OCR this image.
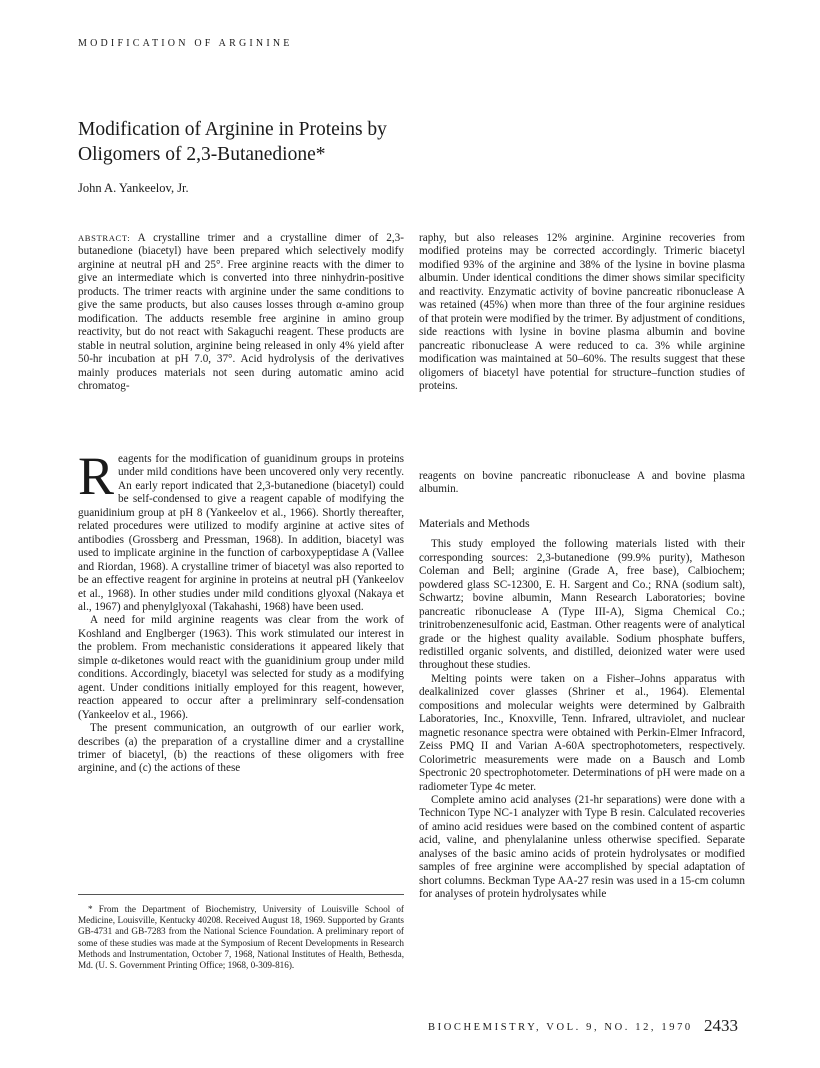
MODIFICATION OF ARGININE
Modification of Arginine in Proteins by
Oligomers of 2,3-Butanedione*
John A. Yankeelov, Jr.

ABSTRACT: A crystalline trimer and a crystalline dimer of 2,3-butanedione (biacetyl) have been prepared which selectively modify arginine at neutral pH and 25°. Free arginine reacts with the dimer to give an intermediate which is converted into three ninhydrin-positive products. The trimer reacts with arginine under the same conditions to give the same products, but also causes losses through α-amino group modification. The adducts resemble free arginine in amino group reactivity, but do not react with Sakaguchi reagent. These products are stable in neutral solution, arginine being released in only 4% yield after 50-hr incubation at pH 7.0, 37°. Acid hydrolysis of the derivatives mainly produces materials not seen during automatic amino acid chromatog-

raphy, but also releases 12% arginine. Arginine recoveries from modified proteins may be corrected accordingly. Trimeric biacetyl modified 93% of the arginine and 38% of the lysine in bovine plasma albumin. Under identical conditions the dimer shows similar specificity and reactivity. Enzymatic activity of bovine pancreatic ribonuclease A was retained (45%) when more than three of the four arginine residues of that protein were modified by the trimer. By adjustment of conditions, side reactions with lysine in bovine plasma albumin and bovine pancreatic ribonuclease A were reduced to ca. 3% while arginine modification was maintained at 50–60%. The results suggest that these oligomers of biacetyl have potential for structure–function studies of proteins.

Reagents for the modification of guanidinum groups in proteins under mild conditions have been uncovered only very recently. An early report indicated that 2,3-butanedione (biacetyl) could be self-condensed to give a reagent capable of modifying the guanidinium group at pH 8 (Yankeelov et al., 1966). Shortly thereafter, related procedures were utilized to modify arginine at active sites of antibodies (Grossberg and Pressman, 1968). In addition, biacetyl was used to implicate arginine in the function of carboxypeptidase A (Vallee and Riordan, 1968). A crystalline trimer of biacetyl was also reported to be an effective reagent for arginine in proteins at neutral pH (Yankeelov et al., 1968). In other studies under mild conditions glyoxal (Nakaya et al., 1967) and phenylglyoxal (Takahashi, 1968) have been used.

A need for mild arginine reagents was clear from the work of Koshland and Englberger (1963). This work stimulated our interest in the problem. From mechanistic considerations it appeared likely that simple α-diketones would react with the guanidinium group under mild conditions. Accordingly, biacetyl was selected for study as a modifying agent. Under conditions initially employed for this reagent, however, reaction appeared to occur after a preliminrary self-condensation (Yankeelov et al., 1966).

The present communication, an outgrowth of our earlier work, describes (a) the preparation of a crystalline dimer and a crystalline trimer of biacetyl, (b) the reactions of these oligomers with free arginine, and (c) the actions of these

reagents on bovine pancreatic ribonuclease A and bovine plasma albumin.

Materials and Methods

This study employed the following materials listed with their corresponding sources: 2,3-butanedione (99.9% purity), Matheson Coleman and Bell; arginine (Grade A, free base), Calbiochem; powdered glass SC-12300, E. H. Sargent and Co.; RNA (sodium salt), Schwartz; bovine albumin, Mann Research Laboratories; bovine pancreatic ribonuclease A (Type III-A), Sigma Chemical Co.; trinitrobenzenesulfonic acid, Eastman. Other reagents were of analytical grade or the highest quality available. Sodium phosphate buffers, redistilled organic solvents, and distilled, deionized water were used throughout these studies.

Melting points were taken on a Fisher–Johns apparatus with dealkalinized cover glasses (Shriner et al., 1964). Elemental compositions and molecular weights were determined by Galbraith Laboratories, Inc., Knoxville, Tenn. Infrared, ultraviolet, and nuclear magnetic resonance spectra were obtained with Perkin-Elmer Infracord, Zeiss PMQ II and Varian A-60A spectrophotometers, respectively. Colorimetric measurements were made on a Bausch and Lomb Spectronic 20 spectrophotometer. Determinations of pH were made on a radiometer Type 4c meter.

Complete amino acid analyses (21-hr separations) were done with a Technicon Type NC-1 analyzer with Type B resin. Calculated recoveries of amino acid residues were based on the combined content of aspartic acid, valine, and phenylalanine unless otherwise specified. Separate analyses of the basic amino acids of protein hydrolysates or modified samples of free arginine were accomplished by special adaptation of short columns. Beckman Type AA-27 resin was used in a 15-cm column for analyses of protein hydrolysates while

* From the Department of Biochemistry, University of Louisville School of Medicine, Louisville, Kentucky 40208. Received August 18, 1969. Supported by Grants GB-4731 and GB-7283 from the National Science Foundation. A preliminary report of some of these studies was made at the Symposium of Recent Developments in Research Methods and Instrumentation, October 7, 1968, National Institutes of Health, Bethesda, Md. (U. S. Government Printing Office; 1968, 0-309-816).

BIOCHEMISTRY, VOL. 9, NO. 12, 1970 2433
